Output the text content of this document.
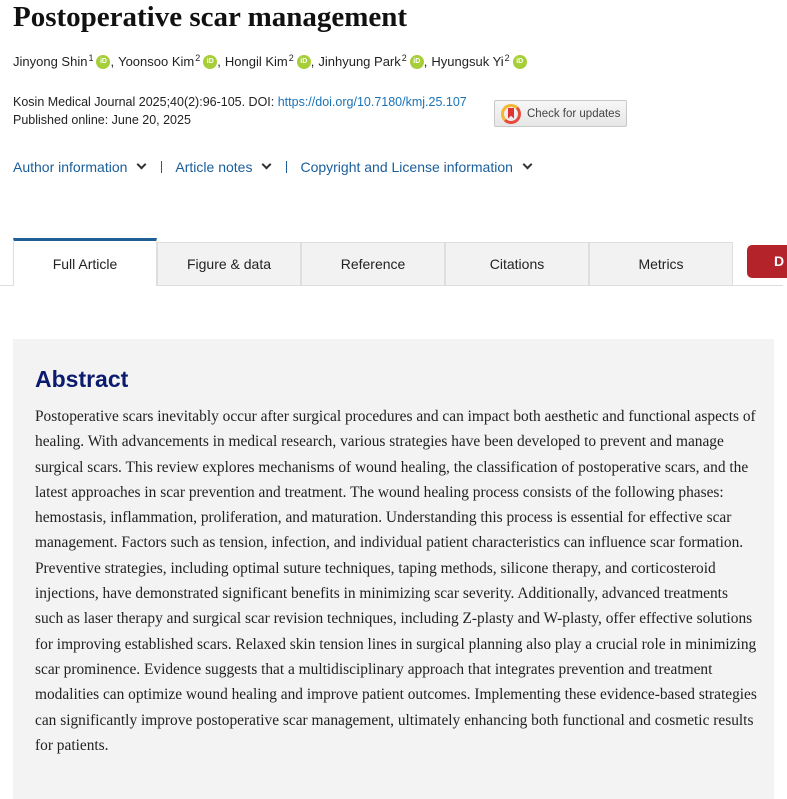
Postoperative scar management
Jinyong Shin$^1$ iD , Yoonsoo Kim$^2$ iD , Hongil Kim$^2$ iD , Jinhyung Park$^2$ iD , Hyungsuk Yi$^2$ iD
Kosin Medical Journal 2025;40(2):96-105. DOI: https://doi.org/10.7180/kmj.25.107
Published online: June 20, 2025	Check for updates
Author information	Article notes	Copyright and License information
Full Article	Figure & data	Reference	Citations	Metrics	D
Abstract

Postoperative scars inevitably occur after surgical procedures and can impact both aesthetic and functional aspects of healing. With advancements in medical research, various strategies have been developed to prevent and manage surgical scars. This review explores mechanisms of wound healing, the classification of postoperative scars, and the latest approaches in scar prevention and treatment. The wound healing process consists of the following phases: hemostasis, inflammation, proliferation, and maturation. Understanding this process is essential for effective scar management. Factors such as tension, infection, and individual patient characteristics can influence scar formation. Preventive strategies, including optimal suture techniques, taping methods, silicone therapy, and corticosteroid injections, have demonstrated significant benefits in minimizing scar severity. Additionally, advanced treatments such as laser therapy and surgical scar revision techniques, including Z-plasty and W-plasty, offer effective solutions for improving established scars. Relaxed skin tension lines in surgical planning also play a crucial role in minimizing scar prominence. Evidence suggests that a multidisciplinary approach that integrates prevention and treatment modalities can optimize wound healing and improve patient outcomes. Implementing these evidence-based strategies can significantly improve postoperative scar management, ultimately enhancing both functional and cosmetic results for patients.
